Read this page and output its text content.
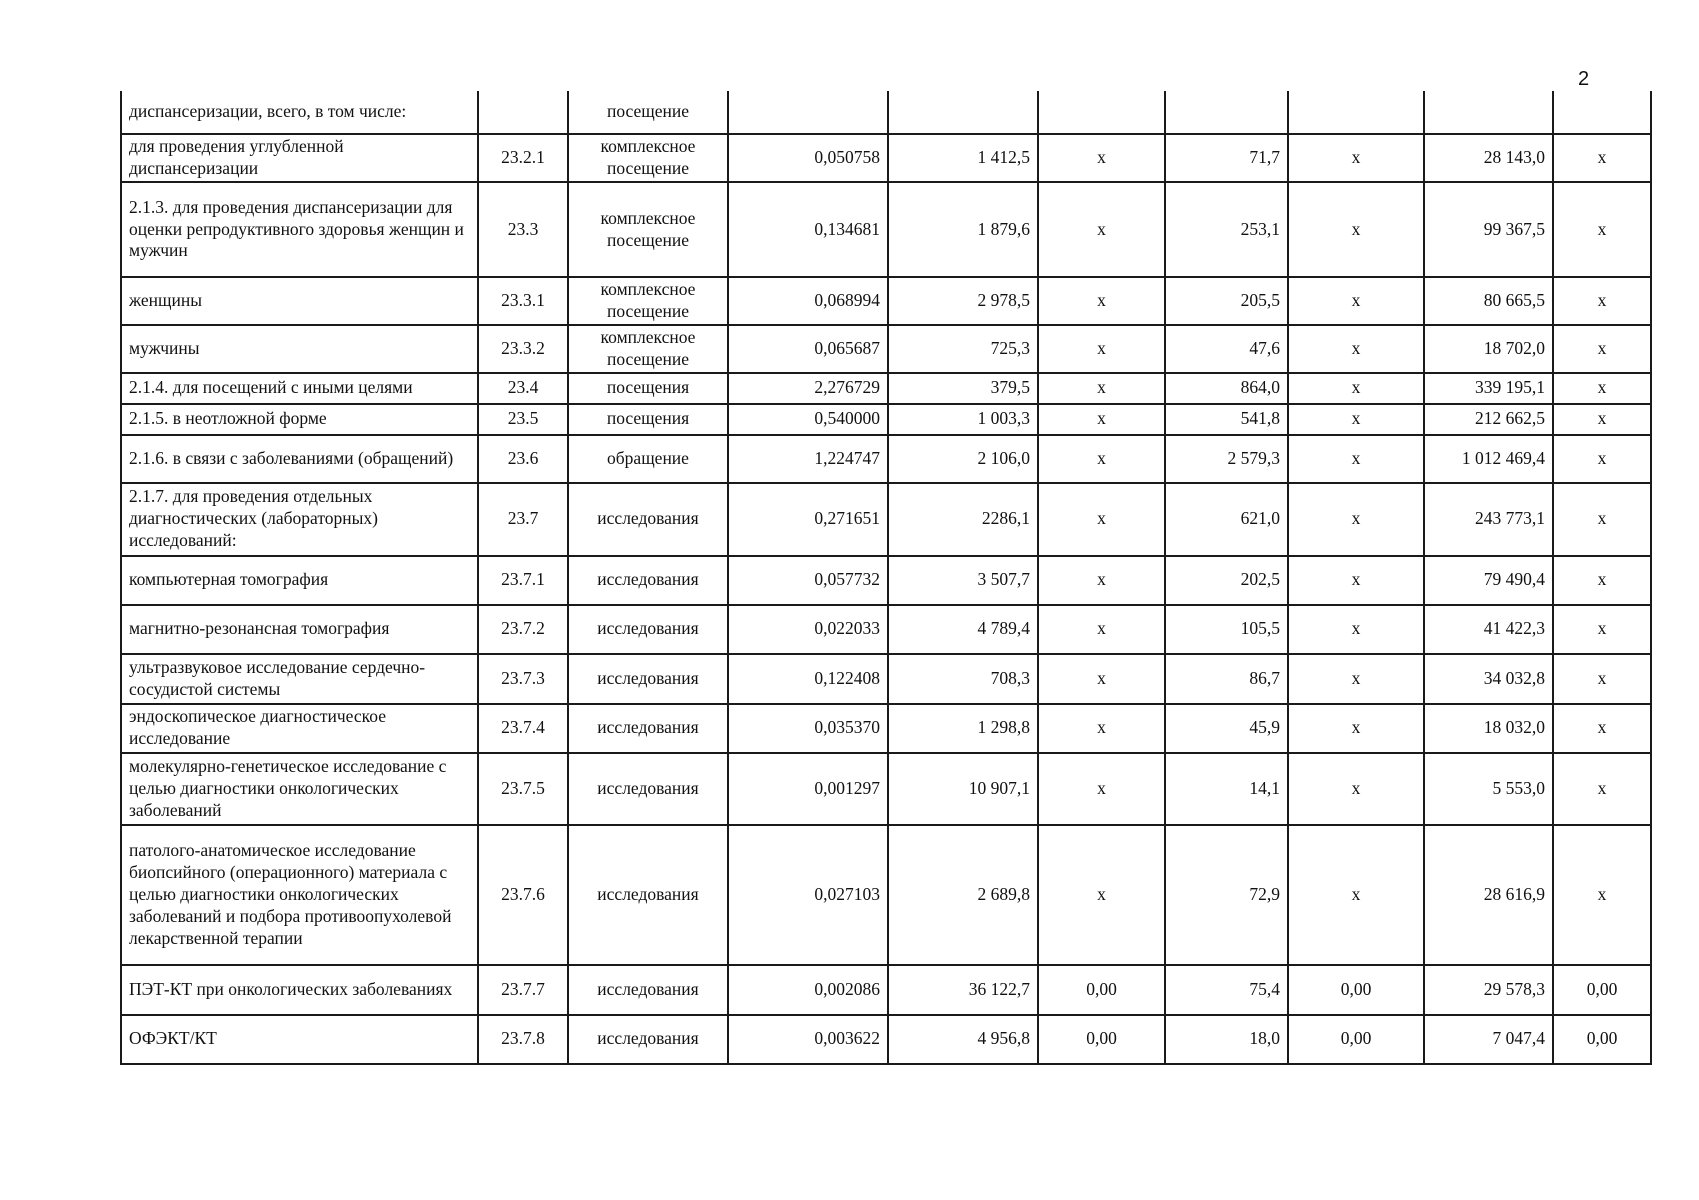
2
диспансеризации, всего, в том числе:		посещение							
для проведения углубленной диспансеризации	23.2.1	комплексное посещение	0,050758	1 412,5	х	71,7	х	28 143,0	х
2.1.3. для проведения диспансеризации для оценки репродуктивного здоровья женщин и мужчин	23.3	комплексное посещение	0,134681	1 879,6	х	253,1	х	99 367,5	х
женщины	23.3.1	комплексное посещение	0,068994	2 978,5	х	205,5	х	80 665,5	х
мужчины	23.3.2	комплексное посещение	0,065687	725,3	х	47,6	х	18 702,0	х
2.1.4. для посещений с иными целями	23.4	посещения	2,276729	379,5	х	864,0	х	339 195,1	х
2.1.5. в неотложной форме	23.5	посещения	0,540000	1 003,3	х	541,8	х	212 662,5	х
2.1.6. в связи с заболеваниями (обращений)	23.6	обращение	1,224747	2 106,0	х	2 579,3	х	1 012 469,4	х
2.1.7. для проведения отдельных диагностических (лабораторных) исследований:	23.7	исследования	0,271651	2286,1	х	621,0	х	243 773,1	х
компьютерная томография	23.7.1	исследования	0,057732	3 507,7	х	202,5	х	79 490,4	х
магнитно-резонансная томография	23.7.2	исследования	0,022033	4 789,4	х	105,5	х	41 422,3	х
ультразвуковое исследование сердечно-сосудистой системы	23.7.3	исследования	0,122408	708,3	х	86,7	х	34 032,8	х
эндоскопическое диагностическое исследование	23.7.4	исследования	0,035370	1 298,8	х	45,9	х	18 032,0	х
молекулярно-генетическое исследование с целью диагностики онкологических заболеваний	23.7.5	исследования	0,001297	10 907,1	х	14,1	х	5 553,0	х
патолого-анатомическое исследование биопсийного (операционного) материала с целью диагностики онкологических заболеваний и подбора противоопухолевой лекарственной терапии	23.7.6	исследования	0,027103	2 689,8	х	72,9	х	28 616,9	х
ПЭТ-КТ при онкологических заболеваниях	23.7.7	исследования	0,002086	36 122,7	0,00	75,4	0,00	29 578,3	0,00
ОФЭКТ/КТ	23.7.8	исследования	0,003622	4 956,8	0,00	18,0	0,00	7 047,4	0,00
